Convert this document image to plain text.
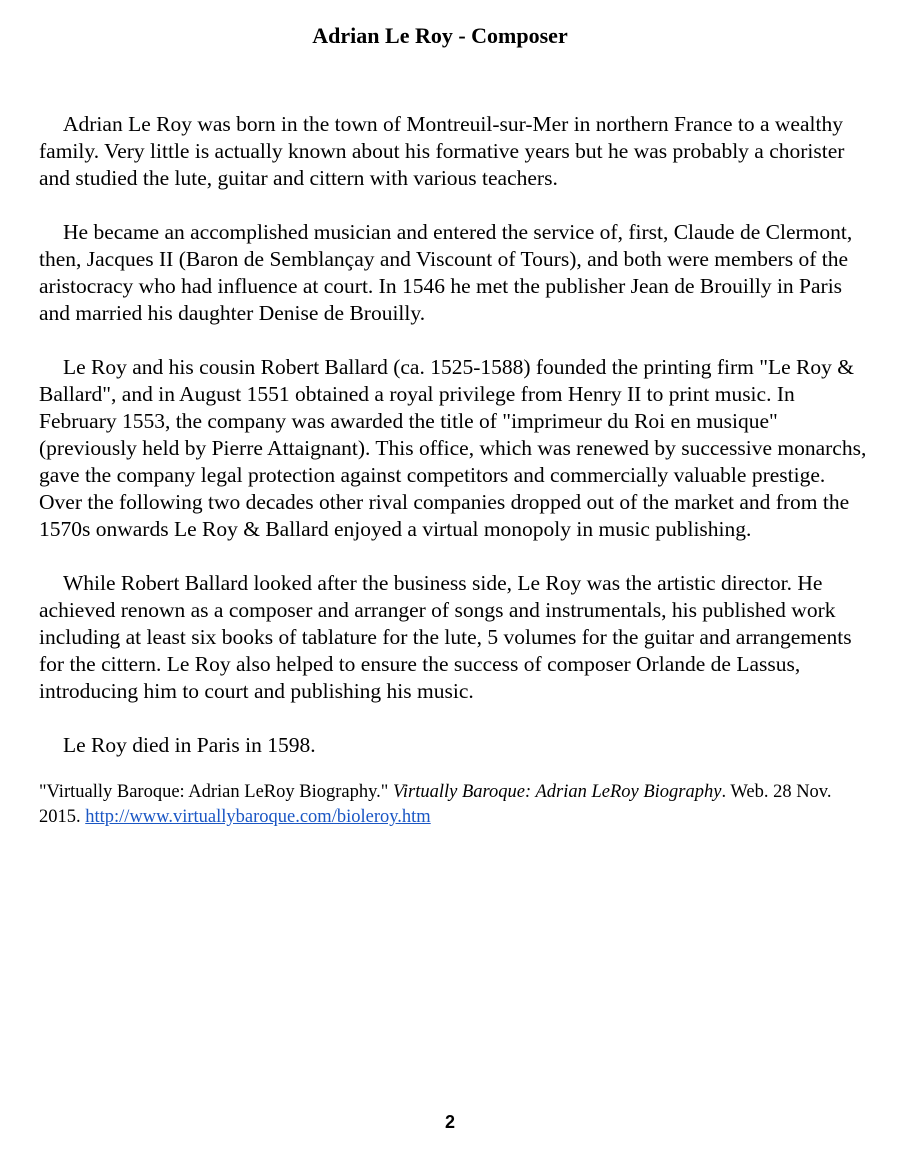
Adrian Le Roy - Composer

Adrian Le Roy was born in the town of Montreuil-sur-Mer in northern France to a wealthy family. Very little is actually known about his formative years but he was probably a chorister and studied the lute, guitar and cittern with various teachers.

He became an accomplished musician and entered the service of, first, Claude de Clermont, then, Jacques II (Baron de Semblançay and Viscount of Tours), and both were members of the aristocracy who had influence at court. In 1546 he met the publisher Jean de Brouilly in Paris and married his daughter Denise de Brouilly.

Le Roy and his cousin Robert Ballard (ca. 1525-1588) founded the printing firm "Le Roy & Ballard", and in August 1551 obtained a royal privilege from Henry II to print music. In February 1553, the company was awarded the title of "imprimeur du Roi en musique" (previously held by Pierre Attaignant). This office, which was renewed by successive monarchs, gave the company legal protection against competitors and commercially valuable prestige. Over the following two decades other rival companies dropped out of the market and from the 1570s onwards Le Roy & Ballard enjoyed a virtual monopoly in music publishing.

While Robert Ballard looked after the business side, Le Roy was the artistic director. He achieved renown as a composer and arranger of songs and instrumentals, his published work including at least six books of tablature for the lute, 5 volumes for the guitar and arrangements for the cittern. Le Roy also helped to ensure the success of composer Orlande de Lassus, introducing him to court and publishing his music.

Le Roy died in Paris in 1598.

"Virtually Baroque: Adrian LeRoy Biography." Virtually Baroque: Adrian LeRoy Biography. Web. 28 Nov. 2015. http://www.virtuallybaroque.com/bioleroy.htm

2
